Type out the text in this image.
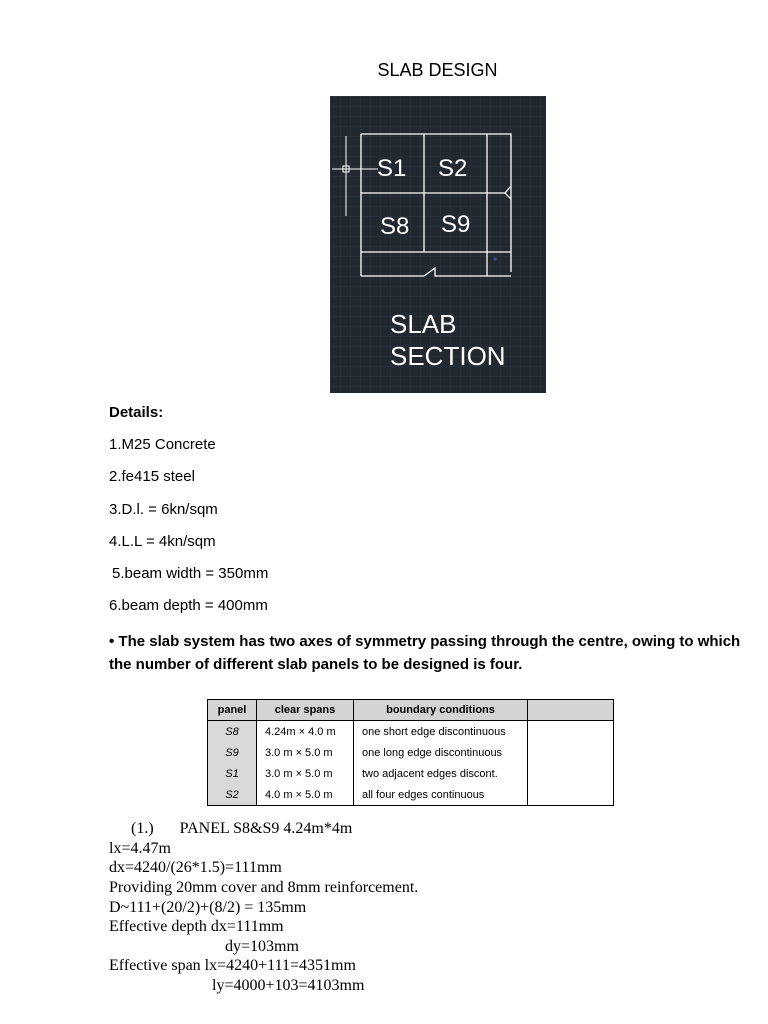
SLAB DESIGN
S1 S2
S8 S9
SLAB
SECTION
Details:
1.M25 Concrete
2.fe415 steel
3.D.l. = 6kn/sqm
4.L.L = 4kn/sqm
5.beam width = 350mm
6.beam depth = 400mm
• The slab system has two axes of symmetry passing through the centre, owing to which the number of different slab panels to be designed is four.
panel	clear spans	boundary conditions	
S8	4.24m × 4.0 m	one short edge discontinuous	
S9	3.0 m × 5.0 m	one long edge discontinuous	
S1	3.0 m × 5.0 m	two adjacent edges discont.	
S2	4.0 m × 5.0 m	all four edges continuous	
(1.) PANEL S8&S9 4.24m*4m
lx=4.47m
dx=4240/(26*1.5)=111mm
Providing 20mm cover and 8mm reinforcement.
D~111+(20/2)+(8/2) = 135mm
Effective depth dx=111mm
dy=103mm
Effective span lx=4240+111=4351mm
ly=4000+103=4103mm
